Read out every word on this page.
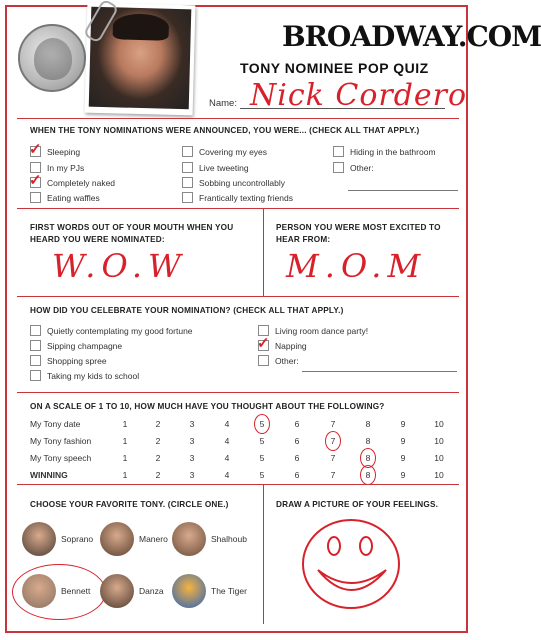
BROADWAY.COM
TONY NOMINEE POP QUIZ
Name: Nick Cordero
WHEN THE TONY NOMINATIONS WERE ANNOUNCED, YOU WERE... (CHECK ALL THAT APPLY.)
✓ Sleeping
In my PJs
✓ Completely naked
Eating waffles
Covering my eyes
Live tweeting
Sobbing uncontrollably
Frantically texting friends
Hiding in the bathroom
Other:
FIRST WORDS OUT OF YOUR MOUTH WHEN YOU HEARD YOU WERE NOMINATED:
W.O.W
PERSON YOU WERE MOST EXCITED TO HEAR FROM:
M.O.M
HOW DID YOU CELEBRATE YOUR NOMINATION? (CHECK ALL THAT APPLY.)
Quietly contemplating my good fortune
Sipping champagne
Shopping spree
Taking my kids to school
Living room dance party!
✓ Napping
Other:
ON A SCALE OF 1 TO 10, HOW MUCH HAVE YOU THOUGHT ABOUT THE FOLLOWING?
My Tony date	1	2	3	4	5	6	7	8	9	10
My Tony fashion	1	2	3	4	5	6	7	8	9	10
My Tony speech	1	2	3	4	5	6	7	8	9	10
WINNING	1	2	3	4	5	6	7	8	9	10
CHOOSE YOUR FAVORITE TONY. (CIRCLE ONE.)
Soprano	Manero	Shalhoub
Bennett	Danza	The Tiger
DRAW A PICTURE OF YOUR FEELINGS.
